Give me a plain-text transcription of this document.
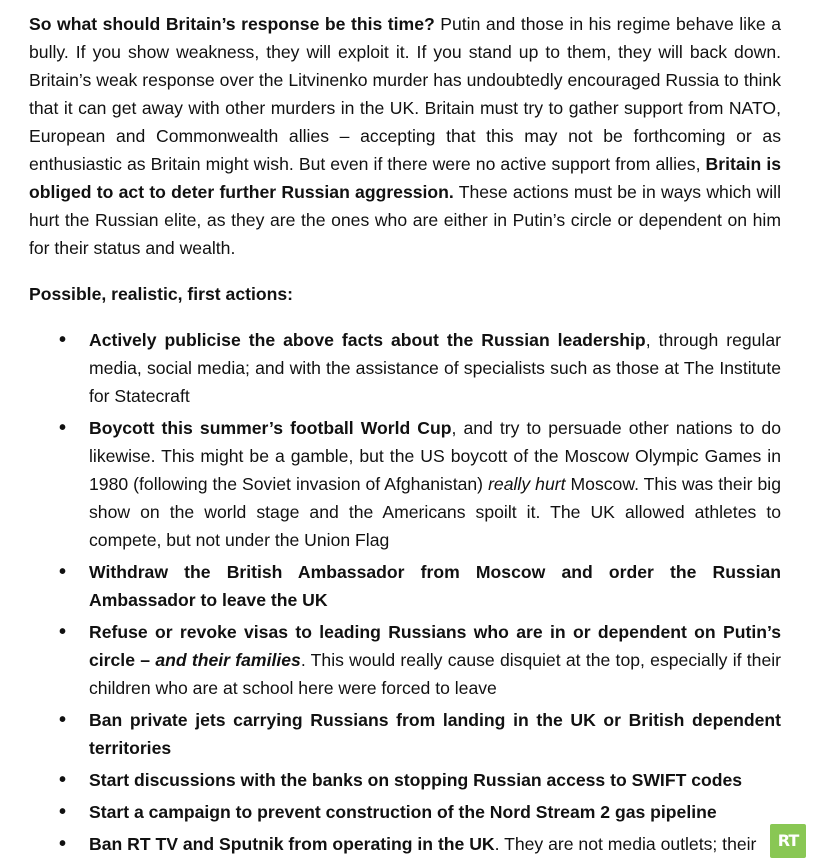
So what should Britain’s response be this time? Putin and those in his regime behave like a bully. If you show weakness, they will exploit it. If you stand up to them, they will back down. Britain’s weak response over the Litvinenko murder has undoubtedly encouraged Russia to think that it can get away with other murders in the UK. Britain must try to gather support from NATO, European and Commonwealth allies – accepting that this may not be forthcoming or as enthusiastic as Britain might wish. But even if there were no active support from allies, Britain is obliged to act to deter further Russian aggression. These actions must be in ways which will hurt the Russian elite, as they are the ones who are either in Putin’s circle or dependent on him for their status and wealth.

Possible, realistic, first actions:

• Actively publicise the above facts about the Russian leadership, through regular media, social media; and with the assistance of specialists such as those at The Institute for Statecraft
• Boycott this summer’s football World Cup, and try to persuade other nations to do likewise. This might be a gamble, but the US boycott of the Moscow Olympic Games in 1980 (following the Soviet invasion of Afghanistan) really hurt Moscow. This was their big show on the world stage and the Americans spoilt it. The UK allowed athletes to compete, but not under the Union Flag
• Withdraw the British Ambassador from Moscow and order the Russian Ambassador to leave the UK
• Refuse or revoke visas to leading Russians who are in or dependent on Putin’s circle – and their families. This would really cause disquiet at the top, especially if their children who are at school here were forced to leave
• Ban private jets carrying Russians from landing in the UK or British dependent territories
• Start discussions with the banks on stopping Russian access to SWIFT codes
• Start a campaign to prevent construction of the Nord Stream 2 gas pipeline
• Ban RT TV and Sputnik from operating in the UK. They are not media outlets; their	RT
